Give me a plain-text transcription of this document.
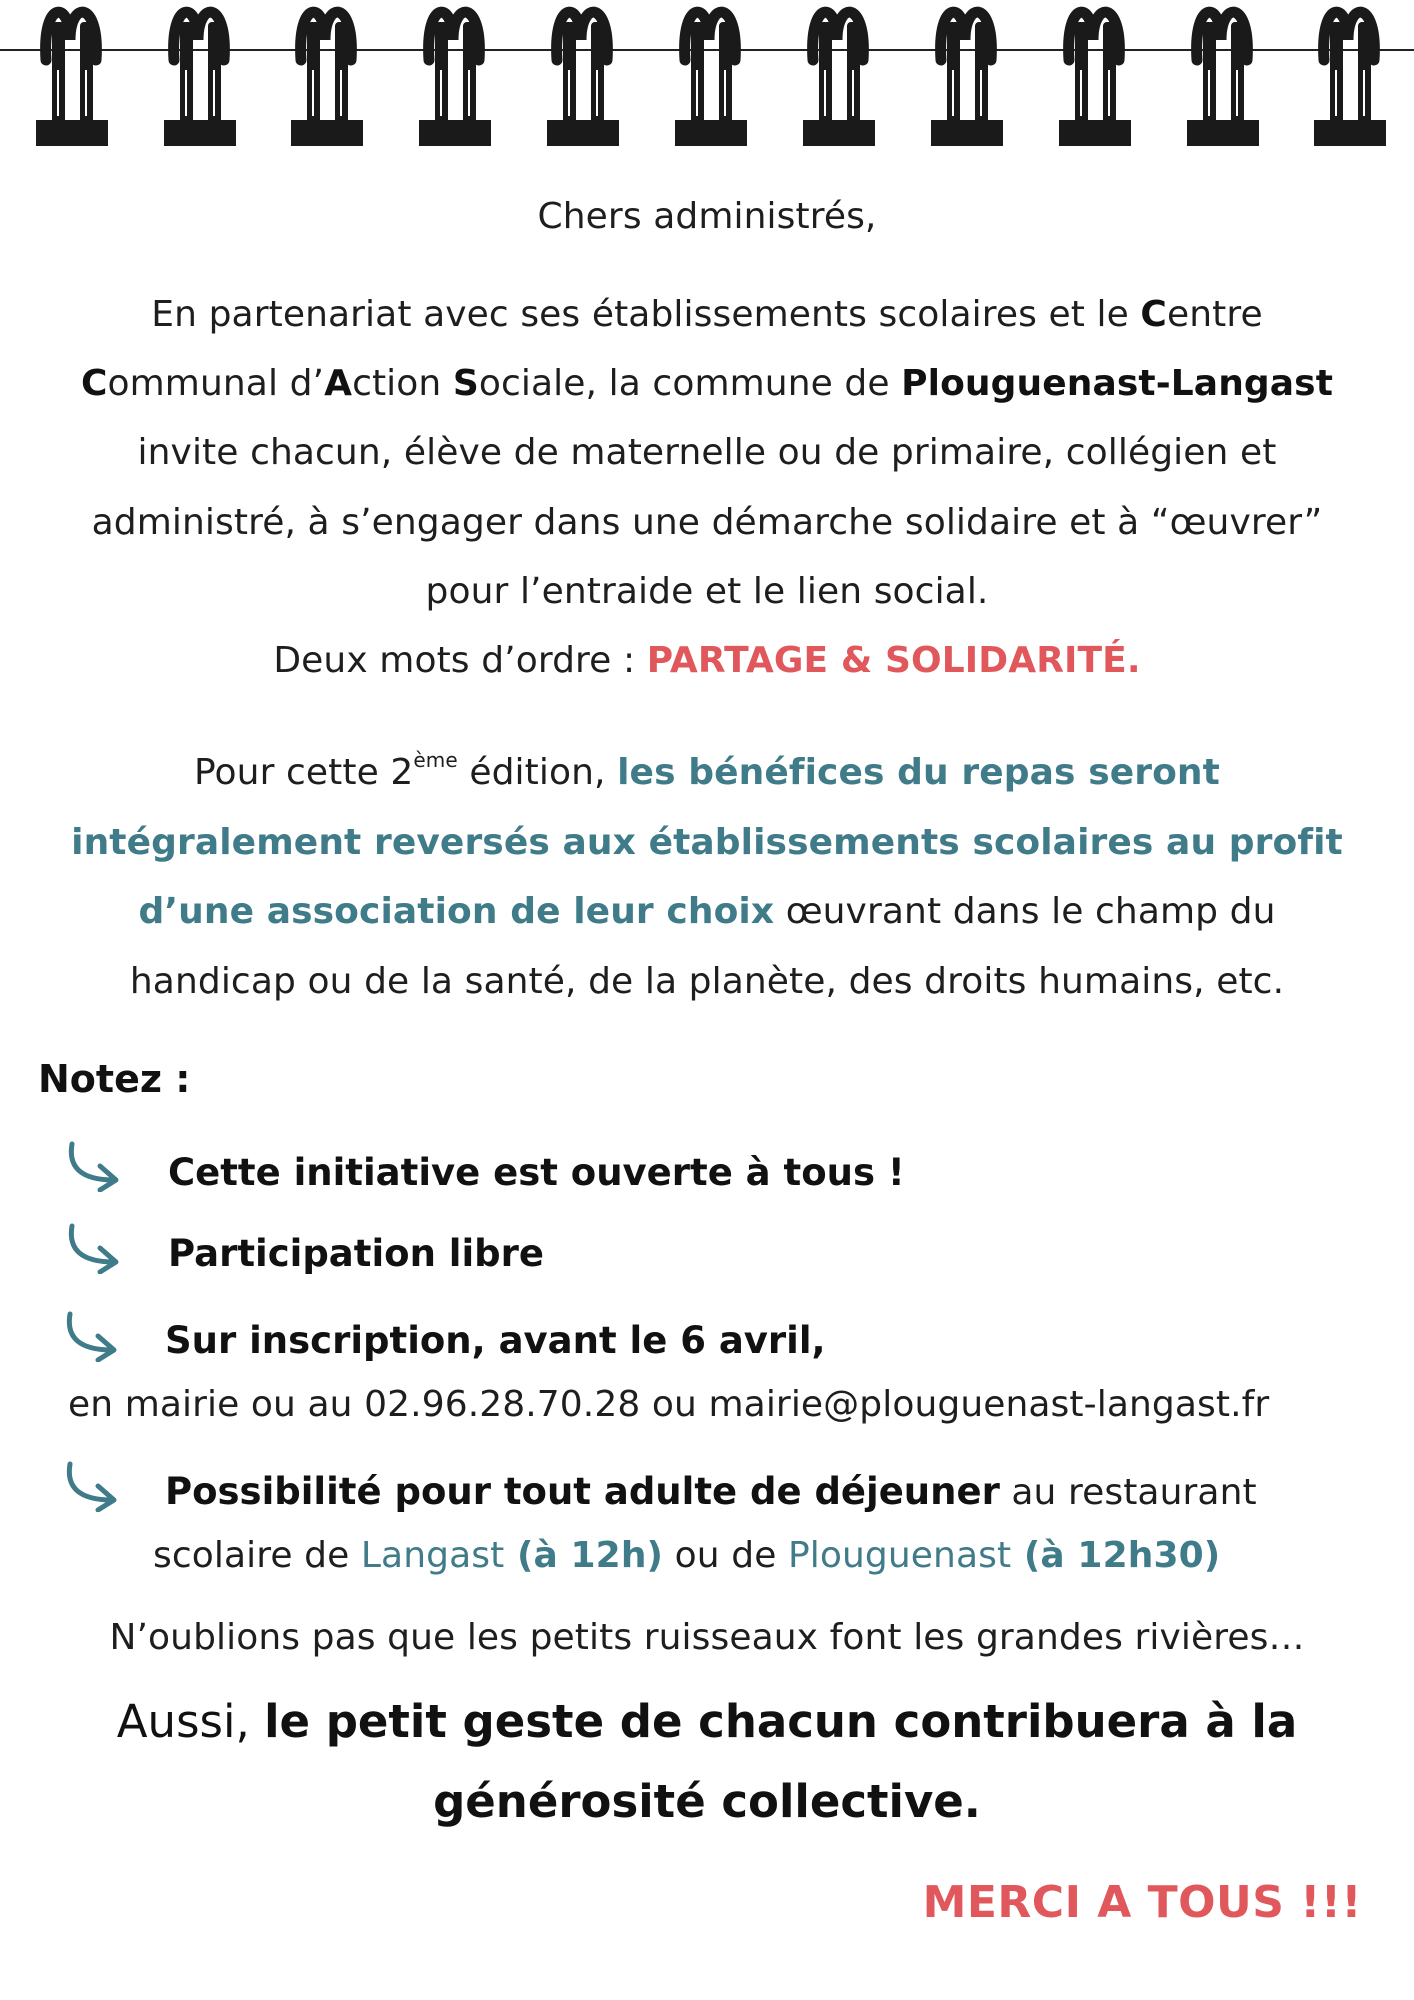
Chers administrés,
En partenariat avec ses établissements scolaires et le Centre
Communal d’Action Sociale, la commune de Plouguenast-Langast
invite chacun, élève de maternelle ou de primaire, collégien et
administré, à s’engager dans une démarche solidaire et à “œuvrer”
pour l’entraide et le lien social.
Deux mots d’ordre : PARTAGE & SOLIDARITÉ.
Pour cette 2ème édition, les bénéfices du repas seront
intégralement reversés aux établissements scolaires au profit
d’une association de leur choix œuvrant dans le champ du
handicap ou de la santé, de la planète, des droits humains, etc.
Notez :
Cette initiative est ouverte à tous !
Participation libre
Sur inscription, avant le 6 avril,
en mairie ou au 02.96.28.70.28 ou mairie@plouguenast-langast.fr
Possibilité pour tout adulte de déjeuner au restaurant
scolaire de Langast (à 12h) ou de Plouguenast (à 12h30)
N’oublions pas que les petits ruisseaux font les grandes rivières…
Aussi, le petit geste de chacun contribuera à la
générosité collective.
MERCI A TOUS !!!
